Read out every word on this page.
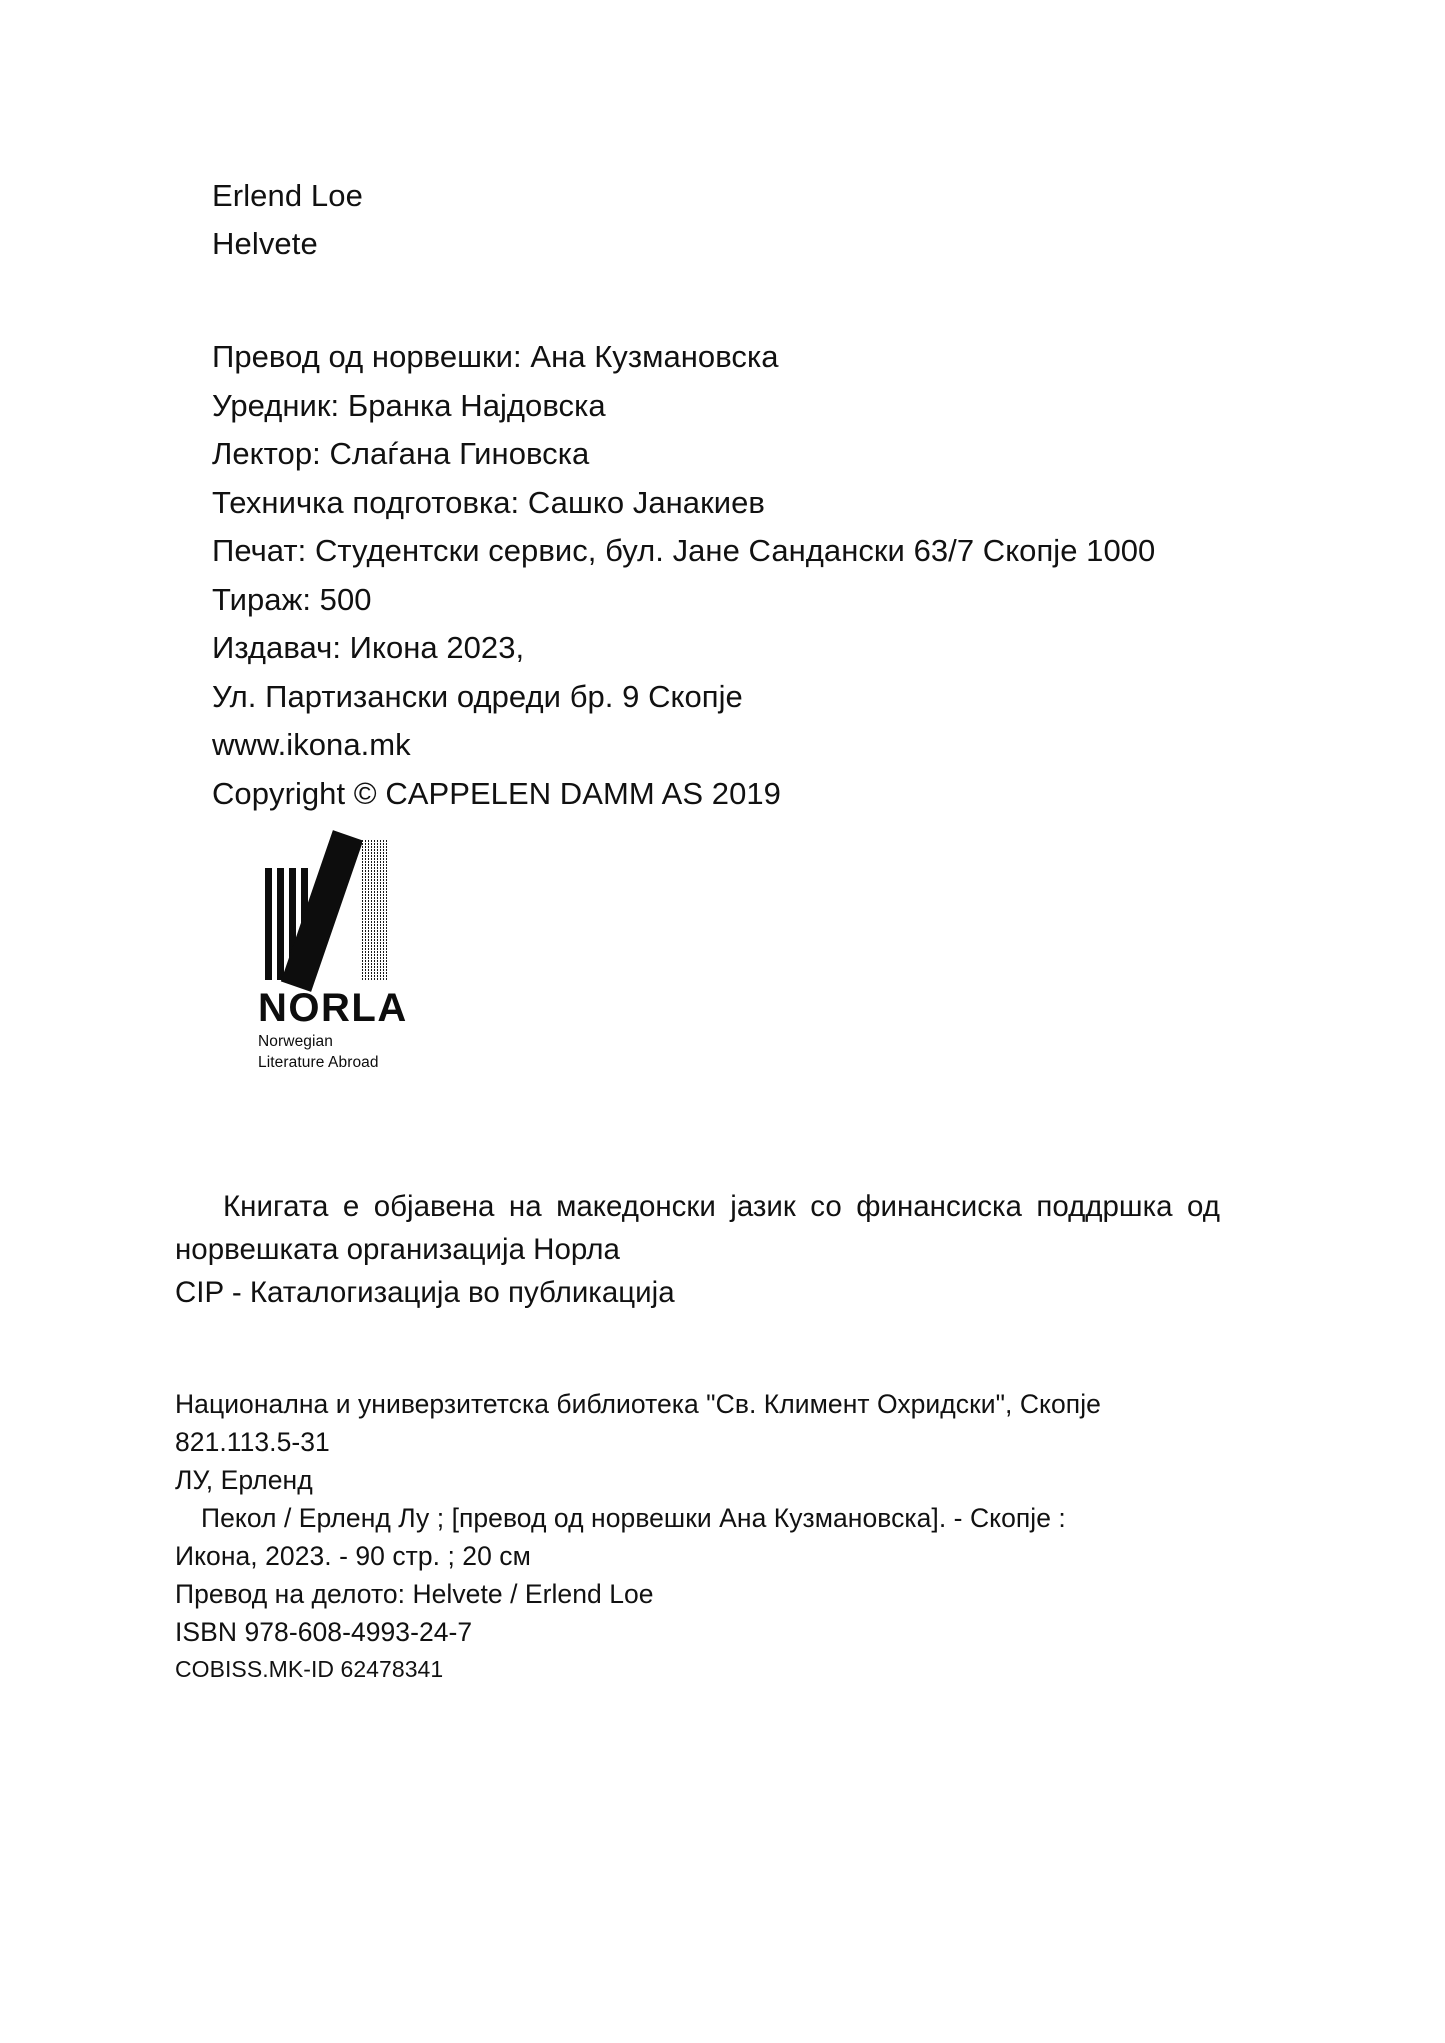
Erlend Loe
Helvete
Превод од норвешки: Ана Кузмановска
Уредник: Бранка Најдовска
Лектор: Слаѓана Гиновска
Техничка подготовка: Сашко Јанакиев
Печат: Студентски сервис, бул. Јане Сандански 63/7 Скопје 1000
Тираж: 500
Издавач: Икона 2023,
Ул. Партизански одреди бр. 9 Скопје
www.ikona.mk
Copyright © CAPPELEN DAMM AS 2019
NORLA
Norwegian
Literature Abroad

Книгата е објавена на македонски јазик со финансиска поддршка од норвешката организација Норла

CIP - Каталогизација во публикација
Национална и универзитетска библиотека "Св. Климент Охридски", Скопје
821.113.5-31
ЛУ, Ерленд
Пекол / Ерленд Лу ; [превод од норвешки Ана Кузмановска]. - Скопје :
Икона, 2023. - 90 стр. ; 20 см
Превод на делото: Helvete / Erlend Loe
ISBN 978-608-4993-24-7
COBISS.MK-ID 62478341
